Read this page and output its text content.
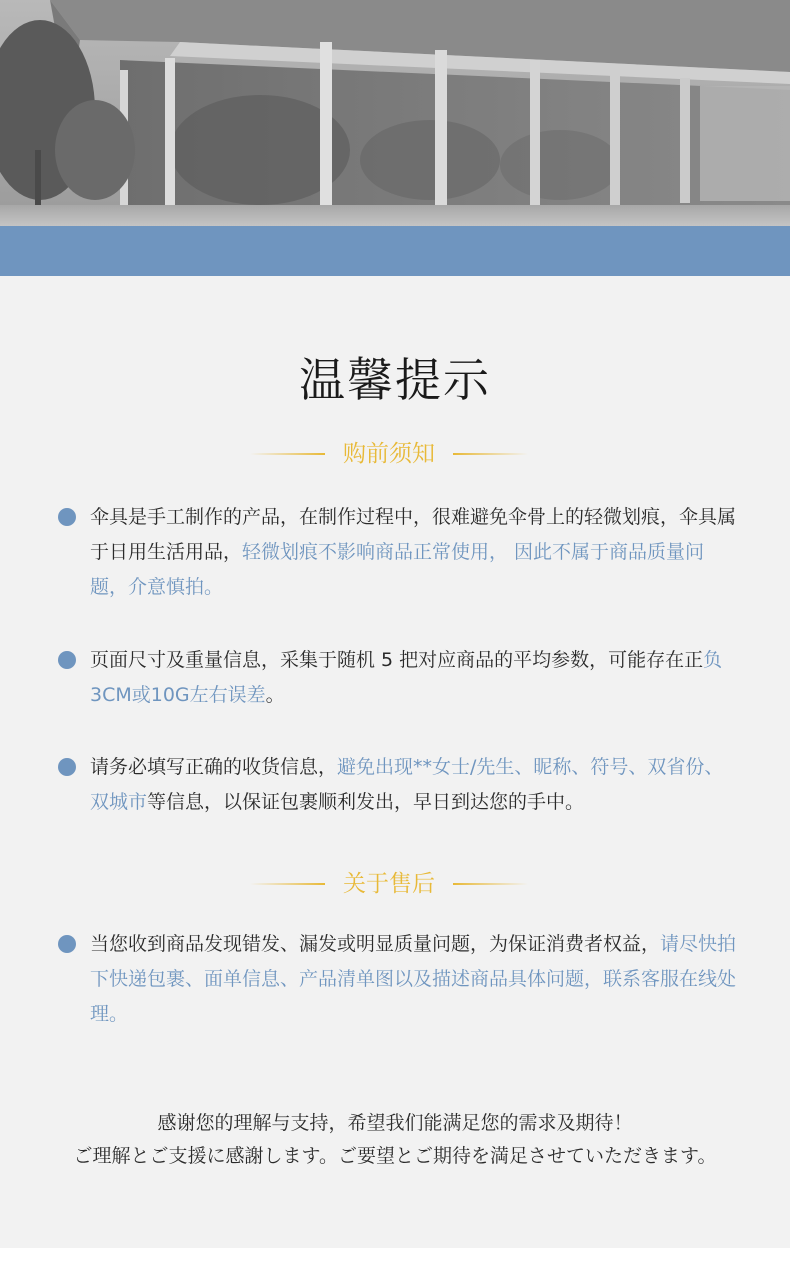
温馨提示
购前须知

伞具是手工制作的产品，在制作过程中，很难避免伞骨上的轻微划痕，伞具属于日用生活用品，轻微划痕不影响商品正常使用， 因此不属于商品质量问题，介意慎拍。

页面尺寸及重量信息，采集于随机 5 把对应商品的平均参数，可能存在正负3CM或10G左右误差。

请务必填写正确的收货信息，避免出现**女士/先生、昵称、符号、双省份、双城市等信息，以保证包裹顺利发出，早日到达您的手中。

关于售后

当您收到商品发现错发、漏发或明显质量问题，为保证消费者权益，请尽快拍下快递包裹、面单信息、产品清单图以及描述商品具体问题，联系客服在线处理。

感谢您的理解与支持，希望我们能满足您的需求及期待！

ご理解とご支援に感謝します。ご要望とご期待を満足させていただきます。
